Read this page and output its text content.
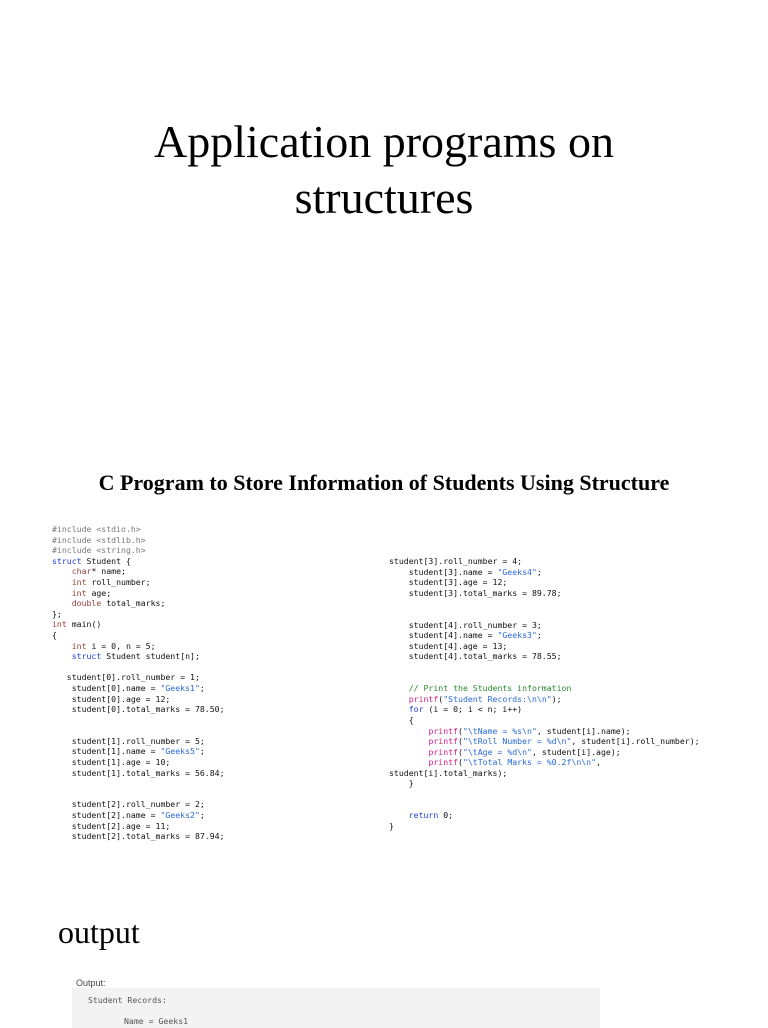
Application programs on
structures
C Program to Store Information of Students Using Structure
#include <stdio.h>
#include <stdlib.h>
#include <string.h>
struct Student {
char* name;
int roll_number;
int age;
double total_marks;
};
int main()
{
int i = 0, n = 5;
struct Student student[n];
student[0].roll_number = 1;
student[0].name = "Geeks1";
student[0].age = 12;
student[0].total_marks = 78.50;
student[1].roll_number = 5;
student[1].name = "Geeks5";
student[1].age = 10;
student[1].total_marks = 56.84;
student[2].roll_number = 2;
student[2].name = "Geeks2";
student[2].age = 11;
student[2].total_marks = 87.94;
student[3].roll_number = 4;
student[3].name = "Geeks4";
student[3].age = 12;
student[3].total_marks = 89.78;
student[4].roll_number = 3;
student[4].name = "Geeks3";
student[4].age = 13;
student[4].total_marks = 78.55;
// Print the Students information
printf("Student Records:\n\n");
for (i = 0; i < n; i++)
{
printf("\tName = %s\n", student[i].name);
printf("\tRoll Number = %d\n", student[i].roll_number);
printf("\tAge = %d\n", student[i].age);
printf("\tTotal Marks = %0.2f\n\n",
student[i].total_marks);
}
return 0;
}
output
Output:
Student Records:
Name = Geeks1
